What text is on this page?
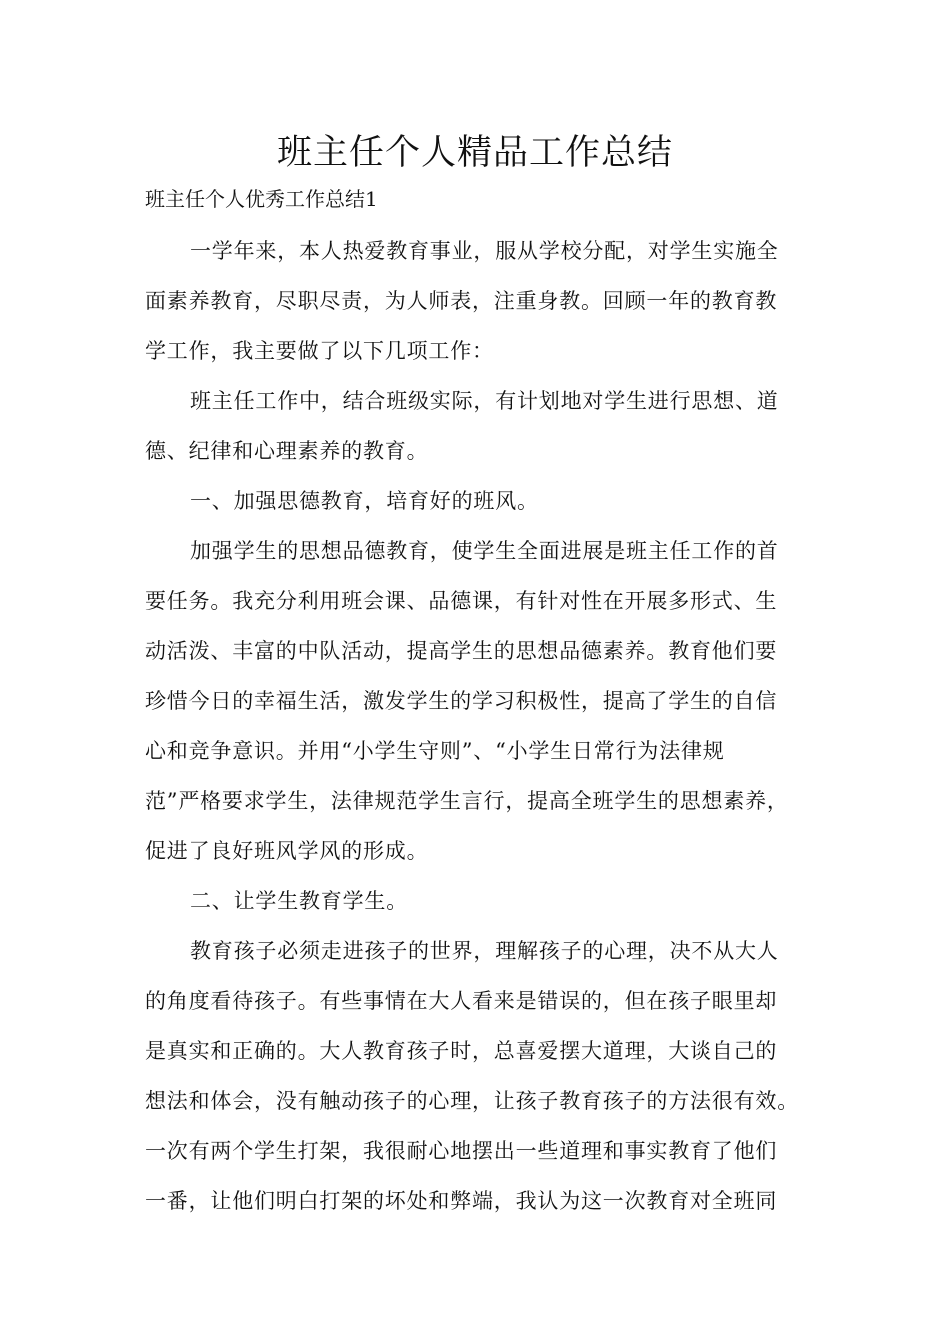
班主任个人精品工作总结

班主任个人优秀工作总结1

一学年来，本人热爱教育事业，服从学校分配，对学生实施全
面素养教育，尽职尽责，为人师表，注重身教。回顾一年的教育教
学工作，我主要做了以下几项工作：
班主任工作中，结合班级实际，有计划地对学生进行思想、道
德、纪律和心理素养的教育。
一、加强思德教育，培育好的班风。
加强学生的思想品德教育，使学生全面进展是班主任工作的首
要任务。我充分利用班会课、品德课，有针对性在开展多形式、生
动活泼、丰富的中队活动，提高学生的思想品德素养。教育他们要
珍惜今日的幸福生活，激发学生的学习积极性，提高了学生的自信
心和竞争意识。并用“小学生守则”、“小学生日常行为法律规
范”严格要求学生，法律规范学生言行，提高全班学生的思想素养，
促进了良好班风学风的形成。
二、让学生教育学生。
教育孩子必须走进孩子的世界，理解孩子的心理，决不从大人
的角度看待孩子。有些事情在大人看来是错误的，但在孩子眼里却
是真实和正确的。大人教育孩子时，总喜爱摆大道理，大谈自己的
想法和体会，没有触动孩子的心理，让孩子教育孩子的方法很有效。
一次有两个学生打架，我很耐心地摆出一些道理和事实教育了他们
一番，让他们明白打架的坏处和弊端，我认为这一次教育对全班同
